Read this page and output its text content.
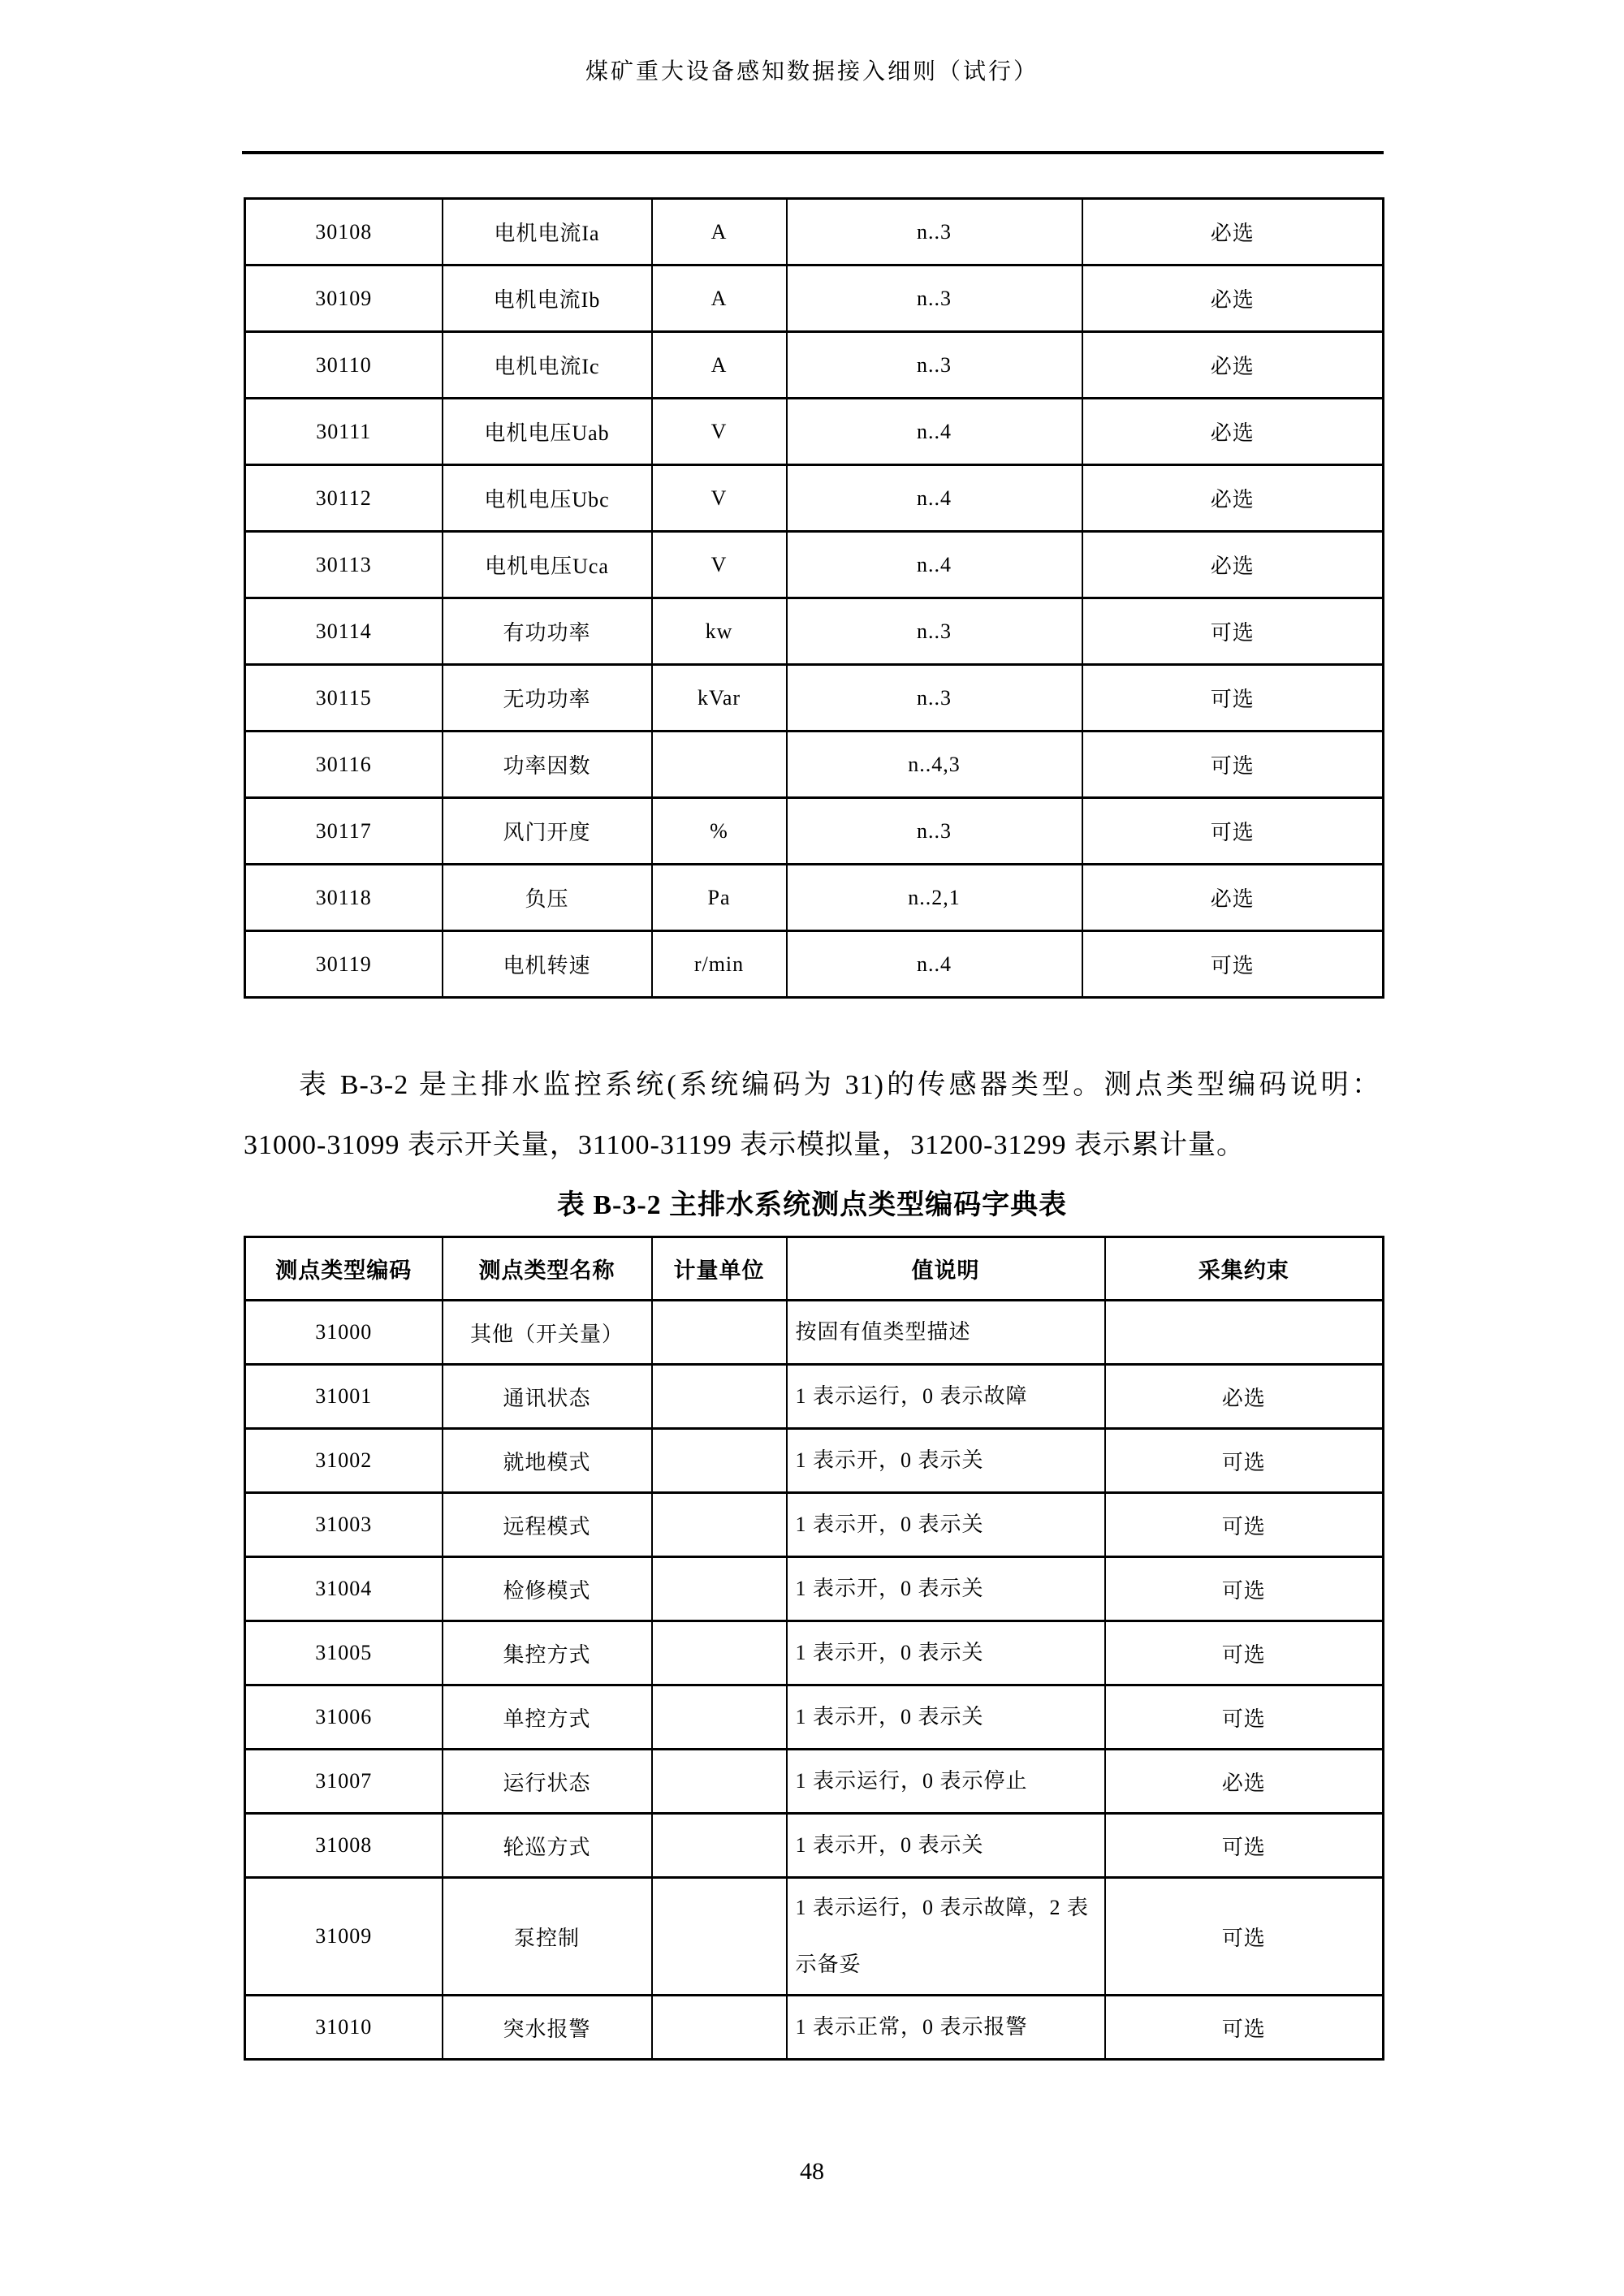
煤矿重大设备感知数据接入细则（试行）
30108	电机电流Ia	A	n..3	必选
30109	电机电流Ib	A	n..3	必选
30110	电机电流Ic	A	n..3	必选
30111	电机电压Uab	V	n..4	必选
30112	电机电压Ubc	V	n..4	必选
30113	电机电压Uca	V	n..4	必选
30114	有功功率	kw	n..3	可选
30115	无功功率	kVar	n..3	可选
30116	功率因数		n..4,3	可选
30117	风门开度	%	n..3	可选
30118	负压	Pa	n..2,1	必选
30119	电机转速	r/min	n..4	可选
表 B-3-2 是主排水监控系统(系统编码为 31)的传感器类型。测点类型编码说明：
31000-31099 表示开关量，31100-31199 表示模拟量，31200-31299 表示累计量。
表 B-3-2 主排水系统测点类型编码字典表
测点类型编码	测点类型名称	计量单位	值说明	采集约束
31000	其他（开关量）		按固有值类型描述	
31001	通讯状态		1 表示运行，0 表示故障	必选
31002	就地模式		1 表示开，0 表示关	可选
31003	远程模式		1 表示开，0 表示关	可选
31004	检修模式		1 表示开，0 表示关	可选
31005	集控方式		1 表示开，0 表示关	可选
31006	单控方式		1 表示开，0 表示关	可选
31007	运行状态		1 表示运行，0 表示停止	必选
31008	轮巡方式		1 表示开，0 表示关	可选
31009	泵控制		1 表示运行，0 表示故障，2 表示备妥	可选
31010	突水报警		1 表示正常，0 表示报警	可选
48
